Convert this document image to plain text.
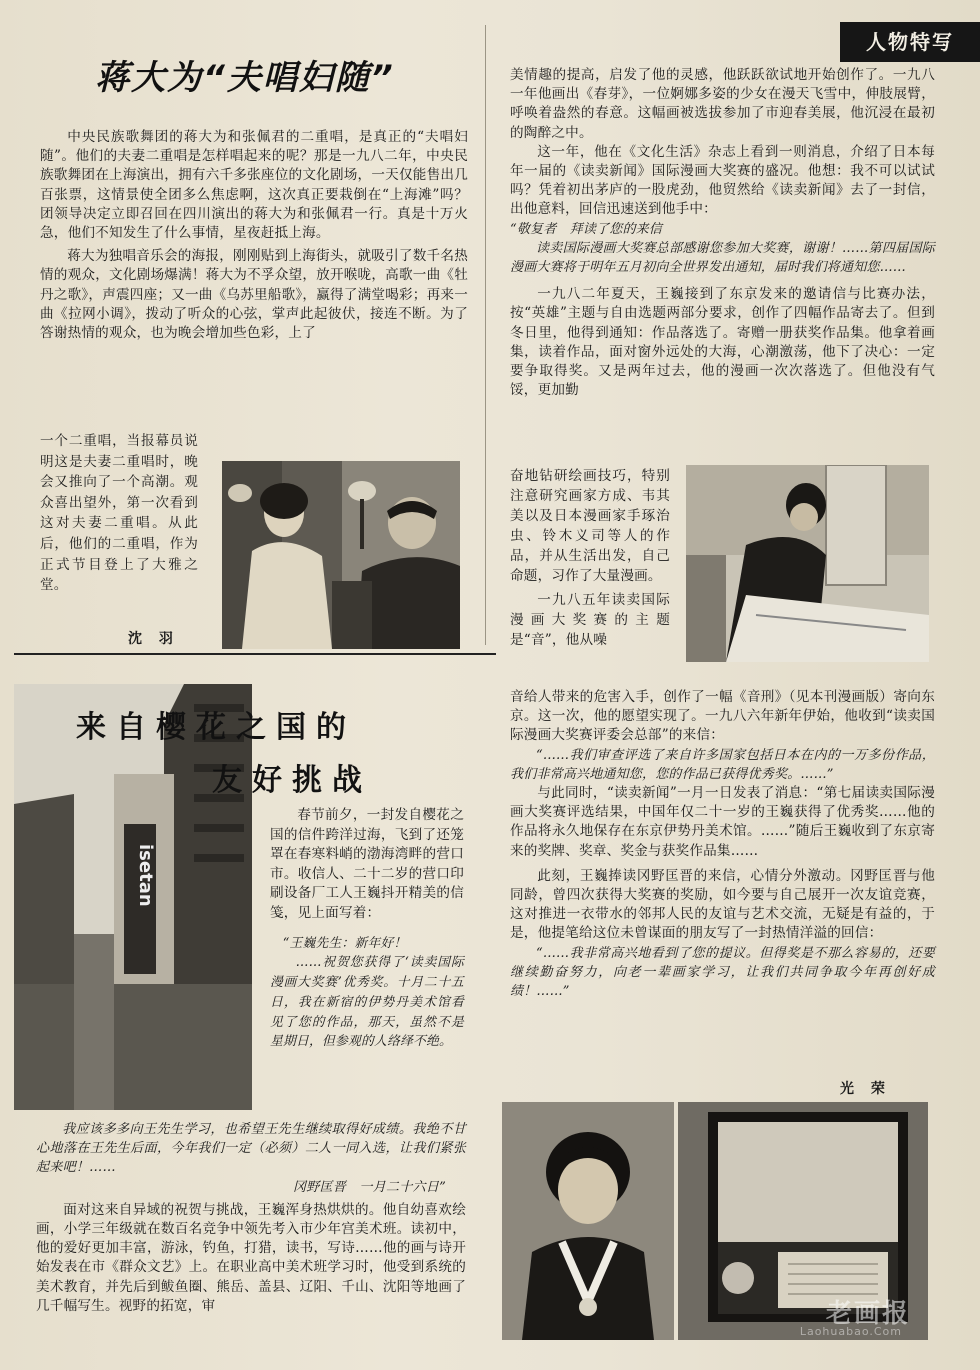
人物特写
蒋大为“夫唱妇随”

中央民族歌舞团的蒋大为和张佩君的二重唱，是真正的“夫唱妇随”。他们的夫妻二重唱是怎样唱起来的呢？那是一九八二年，中央民族歌舞团在上海演出，拥有六千多张座位的文化剧场，一天仅能售出几百张票，这情景使全团多么焦虑啊，这次真正要栽倒在“上海滩”吗？团领导决定立即召回在四川演出的蒋大为和张佩君一行。真是十万火急，他们不知发生了什么事情，星夜赶抵上海。

蒋大为独唱音乐会的海报，刚刚贴到上海街头，就吸引了数千名热情的观众，文化剧场爆满！蒋大为不孚众望，放开喉咙，高歌一曲《牡丹之歌》，声震四座；又一曲《乌苏里船歌》，赢得了满堂喝彩；再来一曲《拉网小调》，拨动了听众的心弦，掌声此起彼伏，接连不断。为了答谢热情的观众，也为晚会增加些色彩，上了

一个二重唱，当报幕员说明这是夫妻二重唱时，晚会又推向了一个高潮。观众喜出望外，第一次看到这对夫妻二重唱。从此后，他们的二重唱，作为正式节目登上了大雅之堂。

沈 羽
isetan
来自樱花之国的
友好挑战

春节前夕，一封发自樱花之国的信件跨洋过海，飞到了还笼罩在春寒料峭的渤海湾畔的营口市。收信人、二十二岁的营口印刷设备厂工人王巍抖开精美的信笺，见上面写着：

“王巍先生：新年好！

……祝贺您获得了‘读卖国际漫画大奖赛’优秀奖。十月二十五日，我在新宿的伊势丹美术馆看见了您的作品，那天，虽然不是星期日，但参观的人络绎不绝。

我应该多多向王先生学习，也希望王先生继续取得好成绩。我绝不甘心地落在王先生后面，今年我们一定（必须）二人一同入选，让我们紧张起来吧！……

冈野匡晋　一月二十六日”

面对这来自异域的祝贺与挑战，王巍浑身热烘烘的。他自幼喜欢绘画，小学三年级就在数百名竞争中领先考入市少年宫美术班。读初中，他的爱好更加丰富，游泳，钓鱼，打猎，读书，写诗……他的画与诗开始发表在市《群众文艺》上。在职业高中美术班学习时，他受到系统的美术教育，并先后到鲅鱼圈、熊岳、盖县、辽阳、千山、沈阳等地画了几千幅写生。视野的拓宽，审

美情趣的提高，启发了他的灵感，他跃跃欲试地开始创作了。一九八一年他画出《春芽》，一位婀娜多姿的少女在漫天飞雪中，伸肢展臂，呼唤着盎然的春意。这幅画被选拔参加了市迎春美展，他沉浸在最初的陶醉之中。

这一年，他在《文化生活》杂志上看到一则消息，介绍了日本每年一届的《读卖新闻》国际漫画大奖赛的盛况。他想：我不可以试试吗？凭着初出茅庐的一股虎劲，他贸然给《读卖新闻》去了一封信，出他意料，回信迅速送到他手中：

“敬复者　拜读了您的来信

读卖国际漫画大奖赛总部感谢您参加大奖赛，谢谢！……第四届国际漫画大赛将于明年五月初向全世界发出通知，届时我们将通知您……

一九八二年夏天，王巍接到了东京发来的邀请信与比赛办法，按“英雄”主题与自由选题两部分要求，创作了四幅作品寄去了。但到冬日里，他得到通知：作品落选了。寄赠一册获奖作品集。他拿着画集，读着作品，面对窗外远处的大海，心潮激荡，他下了决心：一定要争取得奖。又是两年过去，他的漫画一次次落选了。但他没有气馁，更加勤

奋地钻研绘画技巧，特别注意研究画家方成、韦其美以及日本漫画家手琢治虫、铃木义司等人的作品，并从生活出发，自己命题，习作了大量漫画。

一九八五年读卖国际漫画大奖赛的主题是“音”，他从噪

音给人带来的危害入手，创作了一幅《音刑》（见本刊漫画版）寄向东京。这一次，他的愿望实现了。一九八六年新年伊始，他收到“读卖国际漫画大奖赛评委会总部”的来信：

“……我们审查评选了来自许多国家包括日本在内的一万多份作品，我们非常高兴地通知您，您的作品已获得优秀奖。……”

与此同时，“读卖新闻”一月一日发表了消息：“第七届读卖国际漫画大奖赛评选结果，中国年仅二十一岁的王巍获得了优秀奖……他的作品将永久地保存在东京伊势丹美术馆。……”随后王巍收到了东京寄来的奖牌、奖章、奖金与获奖作品集……

此刻，王巍捧读冈野匡晋的来信，心情分外激动。冈野匡晋与他同龄，曾四次获得大奖赛的奖励，如今要与自己展开一次友谊竞赛，这对推进一衣带水的邻邦人民的友谊与艺术交流，无疑是有益的，于是，他提笔给这位未曾谋面的朋友写了一封热情洋溢的回信：

“……我非常高兴地看到了您的提议。但得奖是不那么容易的，还要继续勤奋努力，向老一辈画家学习，让我们共同争取今年再创好成绩！……”

光 荣
老画报
Laohuabao.Com
